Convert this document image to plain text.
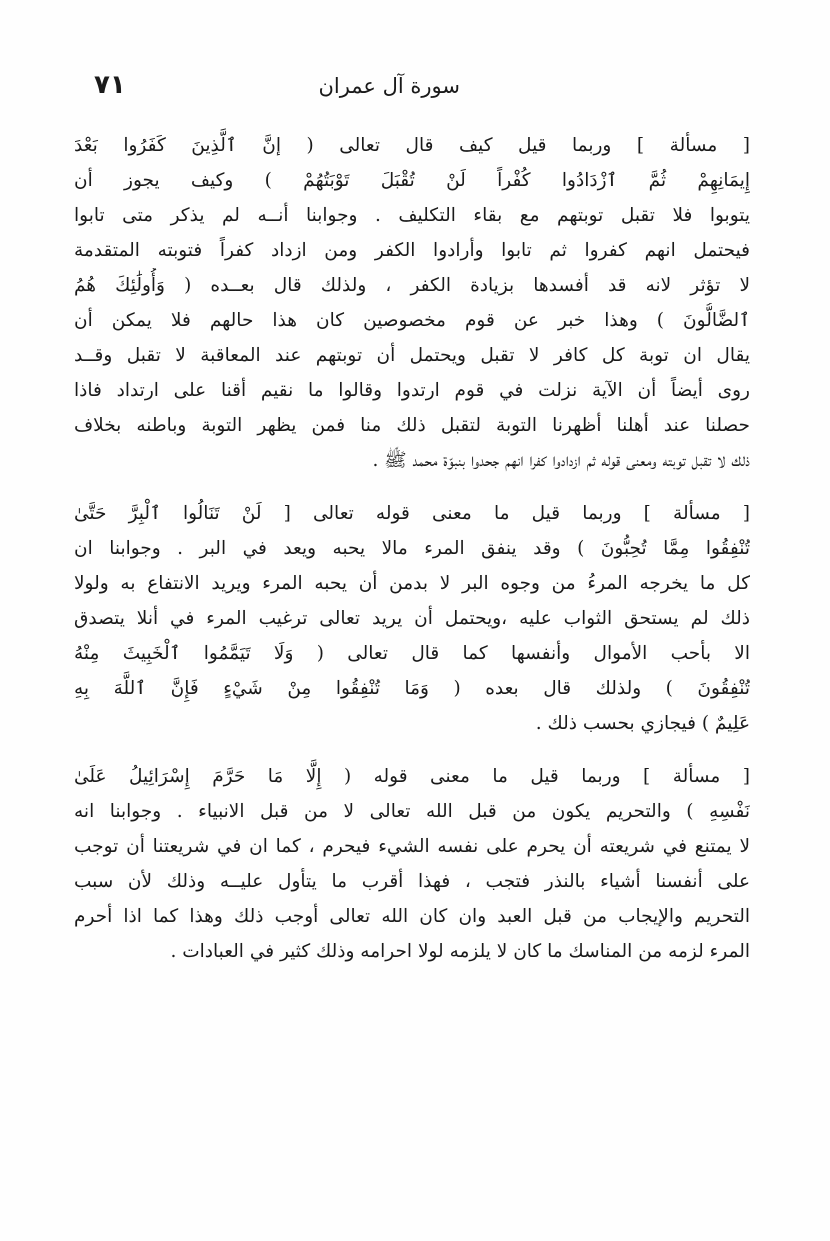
سورة آل عمران
٧١
[ مسألة ] وربما قيل كيف قال تعالى ( إنَّ ٱلَّذِينَ كَفَرُوا بَعْدَ
إِيمَانِهِمْ ثُمَّ ٱزْدَادُوا كُفْراً لَنْ تُقْبَلَ تَوْبَتُهُمْ ) وكيف يجوز أن
يتوبوا فلا تقبل توبتهم مع بقاء التكليف . وجوابنا أنــه لم يذكر متى تابوا
فيحتمل انهم كفروا ثم تابوا وأرادوا الكفر ومن ازداد كفراً فتوبته المتقدمة
لا تؤثر لانه قد أفسدها بزيادة الكفر ، ولذلك قال بعــده ( وَأُولَٰئِكَ هُمُ
ٱلضَّالُّونَ ) وهذا خبر عن قوم مخصوصين كان هذا حالهم فلا يمكن أن
يقال ان توبة كل كافر لا تقبل ويحتمل أن توبتهم عند المعاقبة لا تقبل وقــد
روى أيضاً أن الآية نزلت في قوم ارتدوا وقالوا ما نقيم أقنا على ارتداد فاذا
حصلنا عند أهلنا أظهرنا التوبة لتقبل ذلك منا فمن يظهر التوبة وباطنه بخلاف
ذلك لا تقبل توبته ومعنى قوله ثم ازدادوا كفرا انهم جحدوا بنبوّة محمد ﷺ .
[ مسألة ] وربما قيل ما معنى قوله تعالى [ لَنْ تَنَالُوا ٱلْبِرَّ حَتَّىٰ
تُنْفِقُوا مِمَّا تُحِبُّونَ ) وقد ينفق المرء مالا يحبه ويعد في البر . وجوابنا ان
كل ما يخرجه المرءُ من وجوه البر لا بدمن أن يحبه المرء ويريد الانتفاع به ولولا
ذلك لم يستحق الثواب عليه ،ويحتمل أن يريد تعالى ترغيب المرء في أنلا يتصدق
الا بأحب الأموال وأنفسها كما قال تعالى ( وَلَا تَيَمَّمُوا ٱلْخَبِيثَ مِنْهُ
تُنْفِقُونَ ) ولذلك قال بعده ( وَمَا تُنْفِقُوا مِنْ شَيْءٍ فَإِنَّ ٱللَّهَ بِهِ
عَلِيمٌ ) فيجازي بحسب ذلك .
[ مسألة ] وربما قيل ما معنى قوله ( إِلَّا مَا حَرَّمَ إِسْرَائِيلُ عَلَىٰ
نَفْسِهِ ) والتحريم يكون من قبل الله تعالى لا من قبل الانبياء . وجوابنا انه
لا يمتنع في شريعته أن يحرم على نفسه الشيء فيحرم ، كما ان في شريعتنا أن توجب
على أنفسنا أشياء بالنذر فتجب ، فهذا أقرب ما يتأول عليــه وذلك لأن سبب
التحريم والإيجاب من قبل العبد وان كان الله تعالى أوجب ذلك وهذا كما اذا أحرم
المرء لزمه من المناسك ما كان لا يلزمه لولا احرامه وذلك كثير في العبادات .
